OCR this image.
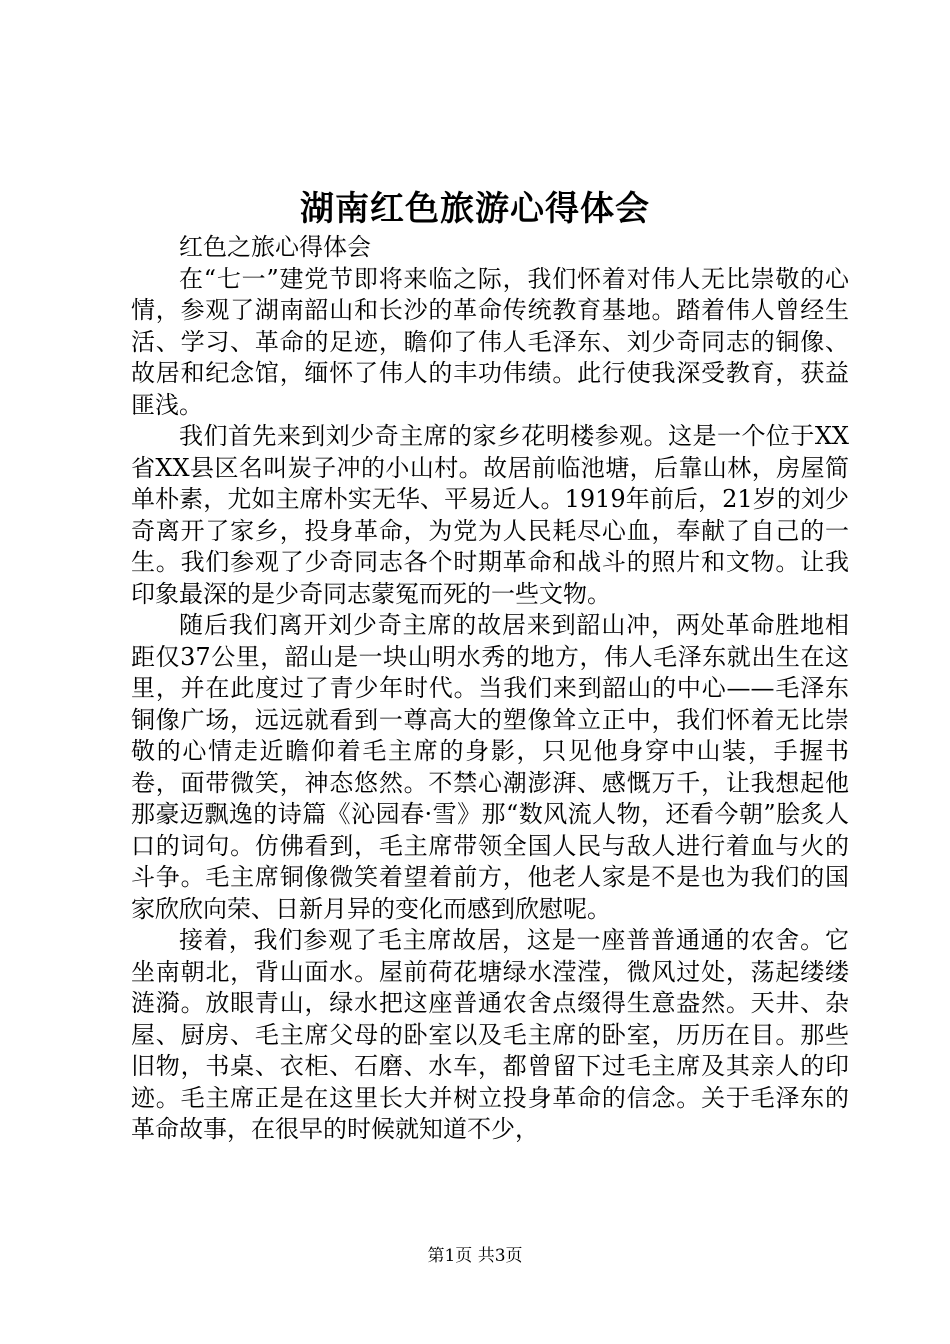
湖南红色旅游心得体会

红色之旅心得体会

在“七一”建党节即将来临之际，我们怀着对伟人无比崇敬的心情，参观了湖南韶山和长沙的革命传统教育基地。踏着伟人曾经生活、学习、革命的足迹，瞻仰了伟人毛泽东、刘少奇同志的铜像、故居和纪念馆，缅怀了伟人的丰功伟绩。此行使我深受教育，获益匪浅。

我们首先来到刘少奇主席的家乡花明楼参观。这是一个位于XX省XX县区名叫炭子冲的小山村。故居前临池塘，后靠山林，房屋简单朴素，尤如主席朴实无华、平易近人。1919年前后，21岁的刘少奇离开了家乡，投身革命，为党为人民耗尽心血，奉献了自己的一生。我们参观了少奇同志各个时期革命和战斗的照片和文物。让我印象最深的是少奇同志蒙冤而死的一些文物。

随后我们离开刘少奇主席的故居来到韶山冲，两处革命胜地相距仅37公里，韶山是一块山明水秀的地方，伟人毛泽东就出生在这里，并在此度过了青少年时代。当我们来到韶山的中心——毛泽东铜像广场，远远就看到一尊高大的塑像耸立正中，我们怀着无比崇敬的心情走近瞻仰着毛主席的身影，只见他身穿中山装，手握书卷，面带微笑，神态悠然。不禁心潮澎湃、感慨万千，让我想起他那豪迈飘逸的诗篇《沁园春·雪》那“数风流人物，还看今朝”脍炙人口的词句。仿佛看到，毛主席带领全国人民与敌人进行着血与火的斗争。毛主席铜像微笑着望着前方，他老人家是不是也为我们的国家欣欣向荣、日新月异的变化而感到欣慰呢。

接着，我们参观了毛主席故居，这是一座普普通通的农舍。它坐南朝北，背山面水。屋前荷花塘绿水滢滢，微风过处，荡起缕缕涟漪。放眼青山，绿水把这座普通农舍点缀得生意盎然。天井、杂屋、厨房、毛主席父母的卧室以及毛主席的卧室，历历在目。那些旧物，书桌、衣柜、石磨、水车，都曾留下过毛主席及其亲人的印迹。毛主席正是在这里长大并树立投身革命的信念。关于毛泽东的革命故事，在很早的时候就知道不少，

第1页 共3页
